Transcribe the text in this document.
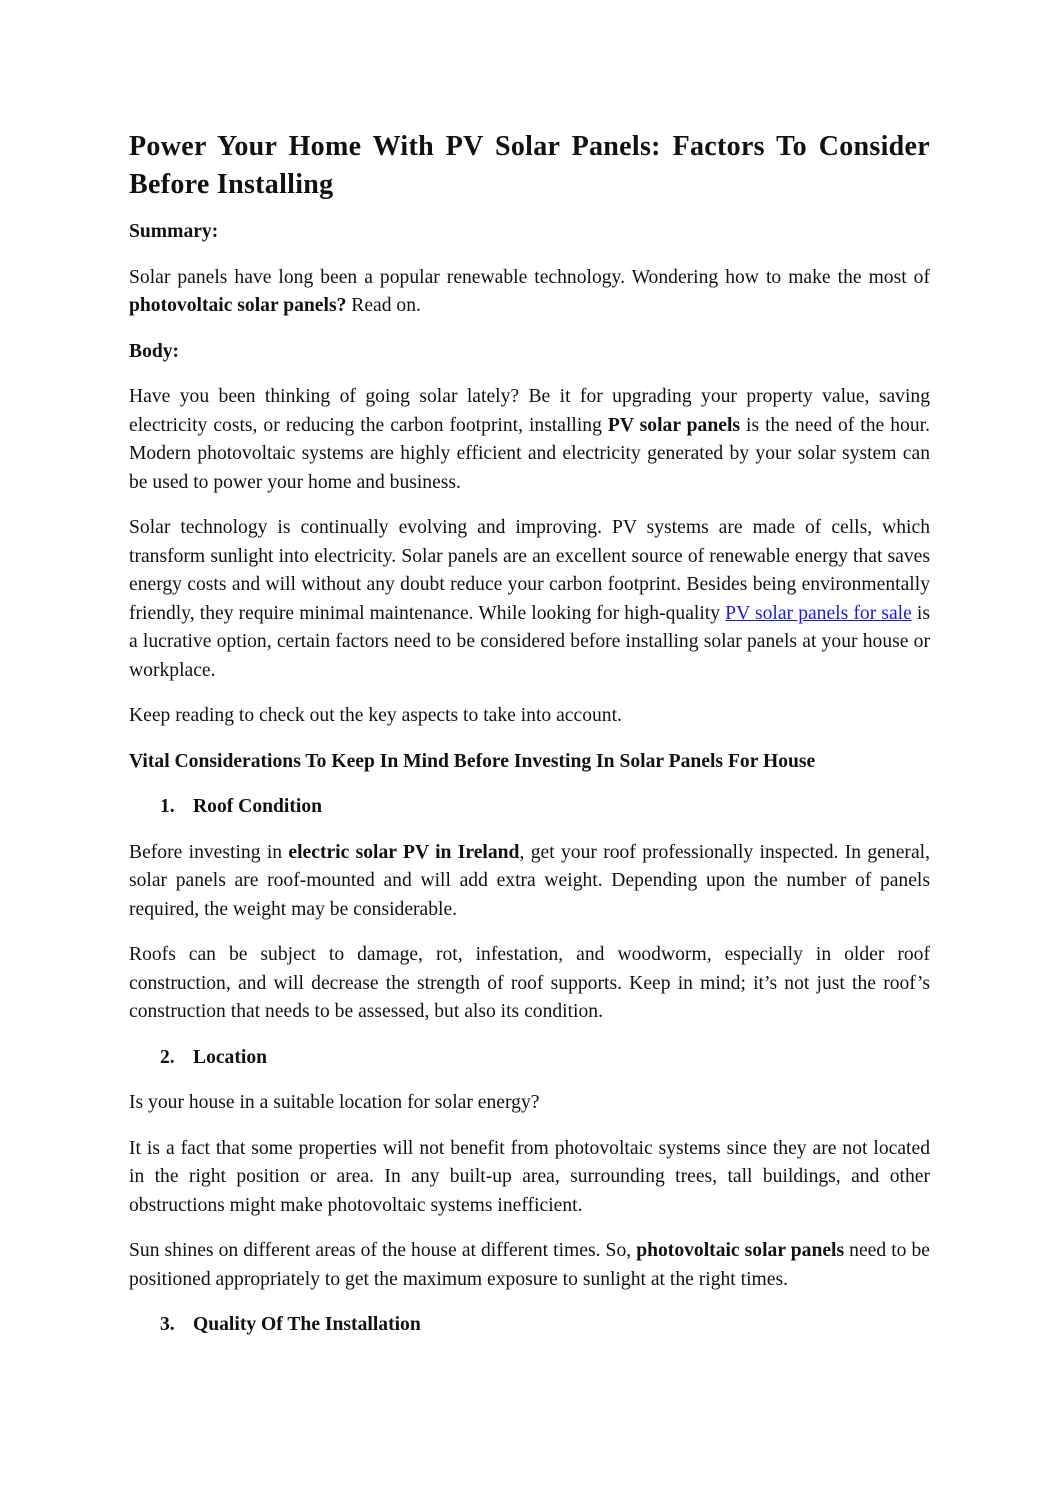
Power Your Home With PV Solar Panels: Factors To Consider Before Installing

Summary:

Solar panels have long been a popular renewable technology. Wondering how to make the most of photovoltaic solar panels? Read on.

Body:

Have you been thinking of going solar lately? Be it for upgrading your property value, saving electricity costs, or reducing the carbon footprint, installing PV solar panels is the need of the hour. Modern photovoltaic systems are highly efficient and electricity generated by your solar system can be used to power your home and business.

Solar technology is continually evolving and improving. PV systems are made of cells, which transform sunlight into electricity. Solar panels are an excellent source of renewable energy that saves energy costs and will without any doubt reduce your carbon footprint. Besides being environmentally friendly, they require minimal maintenance. While looking for high-quality PV solar panels for sale is a lucrative option, certain factors need to be considered before installing solar panels at your house or workplace.

Keep reading to check out the key aspects to take into account.

Vital Considerations To Keep In Mind Before Investing In Solar Panels For House

1. Roof Condition

Before investing in electric solar PV in Ireland, get your roof professionally inspected. In general, solar panels are roof-mounted and will add extra weight. Depending upon the number of panels required, the weight may be considerable.

Roofs can be subject to damage, rot, infestation, and woodworm, especially in older roof construction, and will decrease the strength of roof supports. Keep in mind; it’s not just the roof’s construction that needs to be assessed, but also its condition.

2. Location

Is your house in a suitable location for solar energy?

It is a fact that some properties will not benefit from photovoltaic systems since they are not located in the right position or area. In any built-up area, surrounding trees, tall buildings, and other obstructions might make photovoltaic systems inefficient.

Sun shines on different areas of the house at different times. So, photovoltaic solar panels need to be positioned appropriately to get the maximum exposure to sunlight at the right times.

3. Quality Of The Installation
